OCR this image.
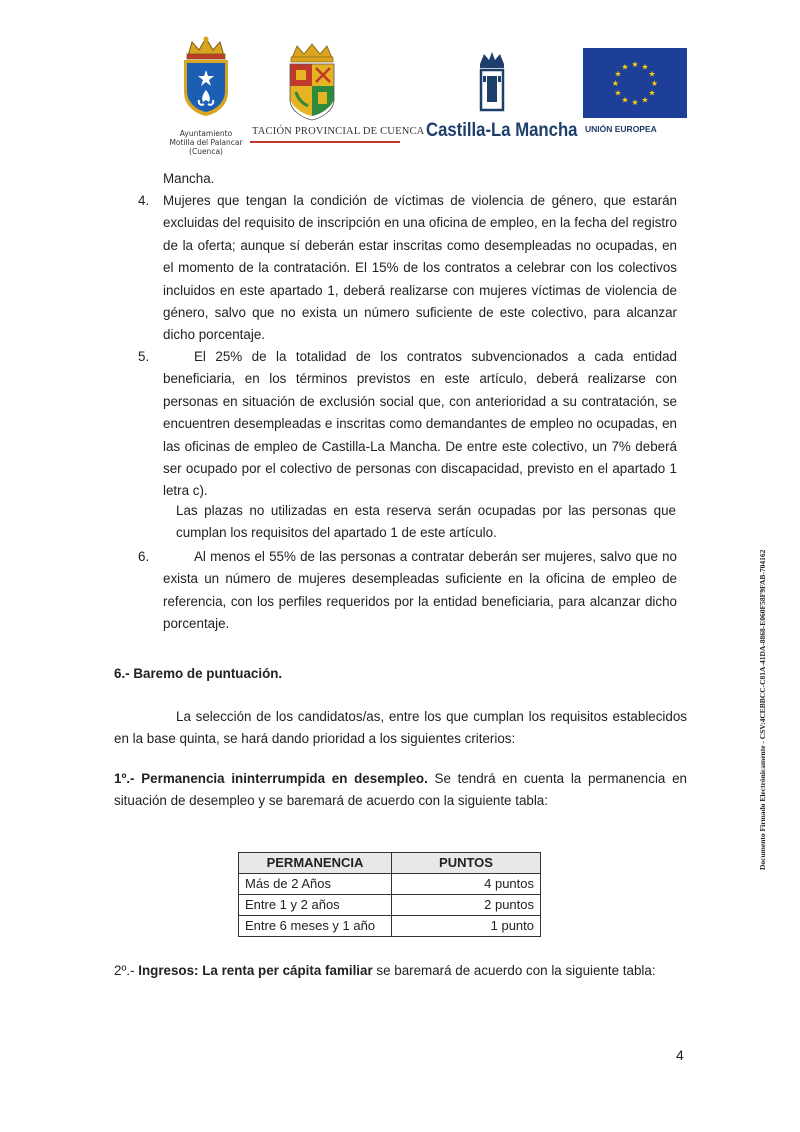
Ayuntamiento
Motilla del Palancar
(Cuenca)
TACIÓN PROVINCIAL DE CUENCA Castilla-La Mancha
★ ★
★
★
★
★
★
★
★
★
★
★
UNIÓN EUROPEA
Mancha.
4. Mujeres que tengan la condición de víctimas de violencia de género, que estarán excluidas del requisito de inscripción en una oficina de empleo, en la fecha del registro de la oferta; aunque sí deberán estar inscritas como desempleadas no ocupadas, en el momento de la contratación. El 15% de los contratos a celebrar con los colectivos incluidos en este apartado 1, deberá realizarse con mujeres víctimas de violencia de género, salvo que no exista un número suficiente de este colectivo, para alcanzar dicho porcentaje.
5.	El 25% de la totalidad de los contratos subvencionados a cada entidad beneficiaria, en los términos previstos en este artículo, deberá realizarse con personas en situación de exclusión social que, con anterioridad a su contratación, se encuentren desempleadas e inscritas como demandantes de empleo no ocupadas, en las oficinas de empleo de Castilla-La Mancha. De entre este colectivo, un 7% deberá ser ocupado por el colectivo de personas con discapacidad, previsto en el apartado 1 letra c).
Las plazas no utilizadas en esta reserva serán ocupadas por las personas que cumplan los requisitos del apartado 1 de este artículo.
6.	Al menos el 55% de las personas a contratar deberán ser mujeres, salvo que no exista un número de mujeres desempleadas suficiente en la oficina de empleo de referencia, con los perfiles requeridos por la entidad beneficiaria, para alcanzar dicho porcentaje.
6.- Baremo de puntuación.
La selección de los candidatos/as, entre los que cumplan los requisitos establecidos en la base quinta, se hará dando prioridad a los siguientes criterios:
1º.- Permanencia ininterrumpida en desempleo. Se tendrá en cuenta la permanencia en situación de desempleo y se baremará de acuerdo con la siguiente tabla:
PERMANENCIA	PUNTOS
Más de 2 Años	4 puntos
Entre 1 y 2 años	2 puntos
Entre 6 meses y 1 año	1 punto
2º.- Ingresos: La renta per cápita familiar se baremará de acuerdo con la siguiente tabla:
Documento Firmado Electrónicamente - CSV:4CEBBCC-C81A-41DA-8868-E060F58F9FAB-704162
4
